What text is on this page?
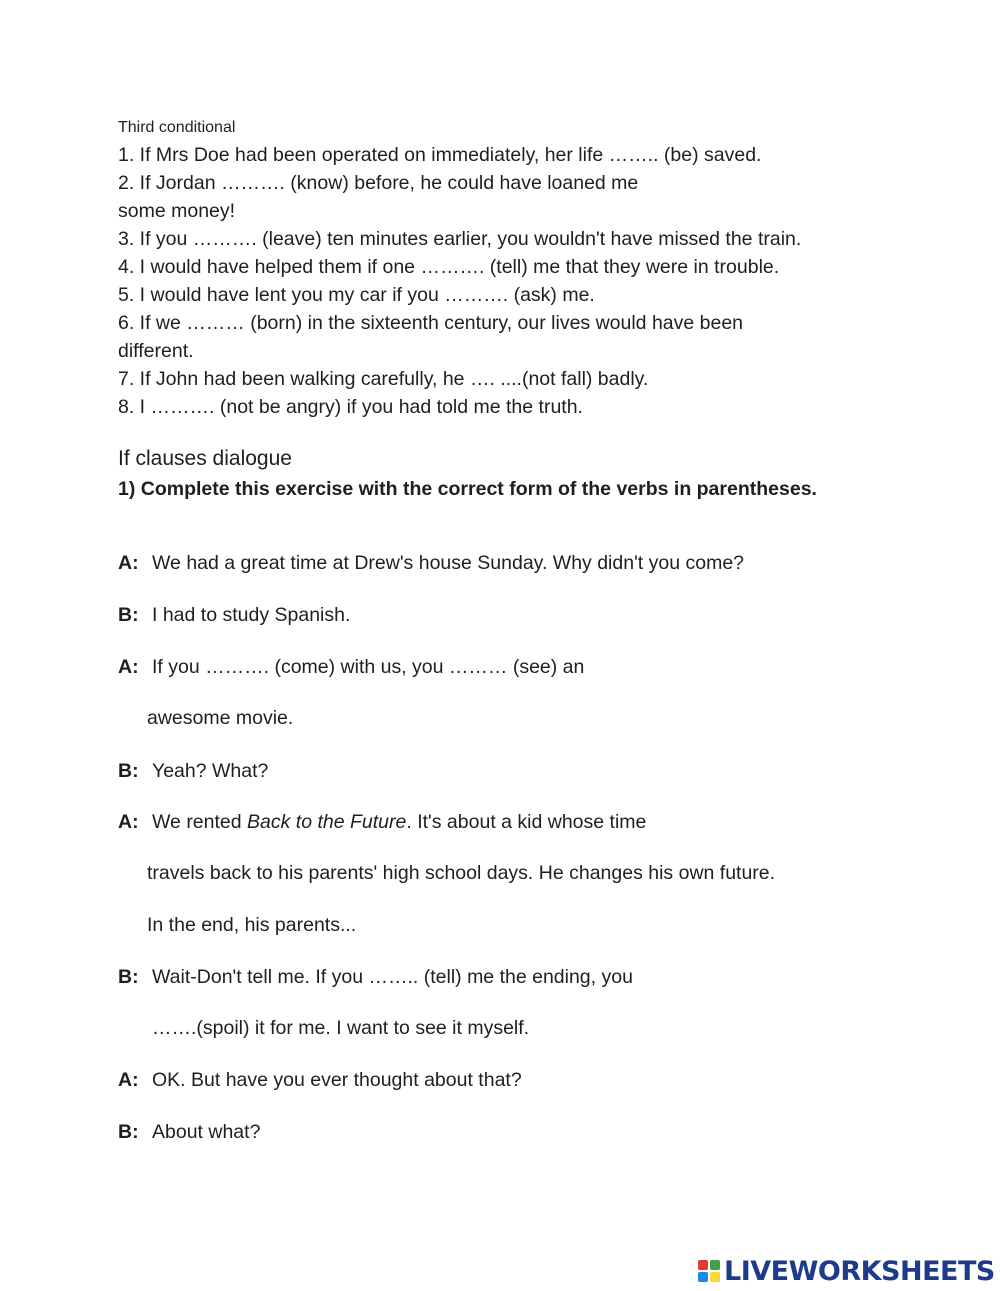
Third conditional
1. If Mrs Doe had been operated on immediately, her life …….. (be) saved.
2. If Jordan ………. (know) before, he could have loaned me
some money!
3. If you ………. (leave) ten minutes earlier, you wouldn't have missed the train.
4. I would have helped them if one ………. (tell) me that they were in trouble.
5. I would have lent you my car if you ………. (ask) me.
6. If we ……… (born) in the sixteenth century, our lives would have been
different.
7. If John had been walking carefully, he …. ....(not fall) badly.
8. I ………. (not be angry) if you had told me the truth.
If clauses dialogue
1) Complete this exercise with the correct form of the verbs in parentheses.
A: We had a great time at Drew's house Sunday. Why didn't you come?
B: I had to study Spanish.
A: If you ………. (come) with us, you ……… (see) an
awesome movie.
B: Yeah? What?
A: We rented Back to the Future. It's about a kid whose time
travels back to his parents' high school days. He changes his own future.
In the end, his parents...
B: Wait-Don't tell me. If you …….. (tell) me the ending, you
…….(spoil) it for me. I want to see it myself.
A: OK. But have you ever thought about that?
B: About what?
LIVEWORKSHEETS
